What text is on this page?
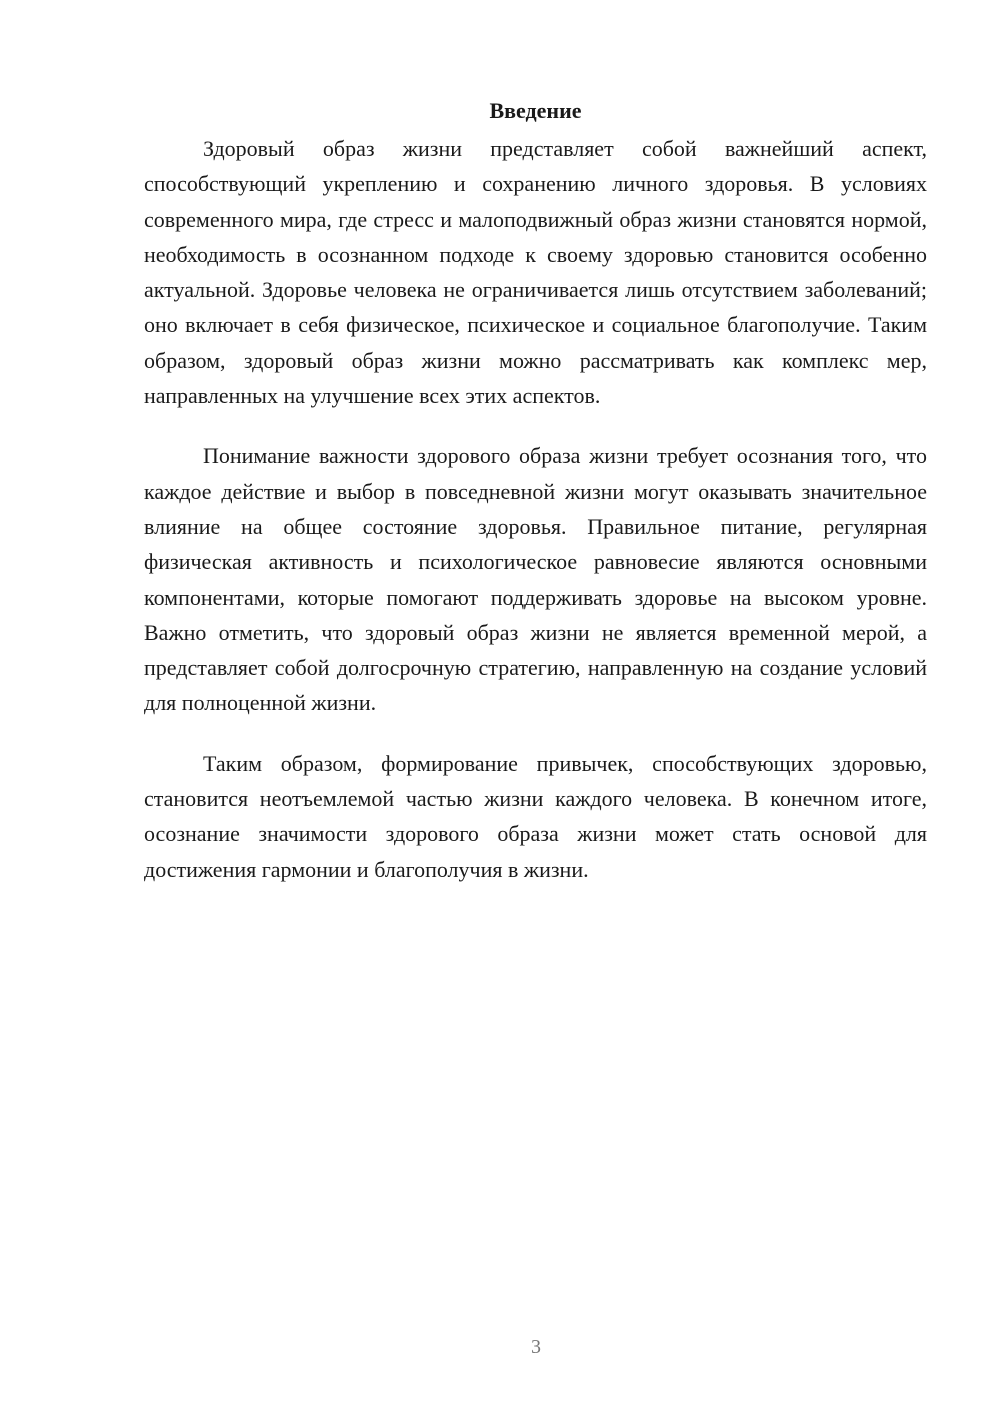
Введение

Здоровый образ жизни представляет собой важнейший аспект, способствующий укреплению и сохранению личного здоровья. В условиях современного мира, где стресс и малоподвижный образ жизни становятся нормой, необходимость в осознанном подходе к своему здоровью становится особенно актуальной. Здоровье человека не ограничивается лишь отсутствием заболеваний; оно включает в себя физическое, психическое и социальное благополучие. Таким образом, здоровый образ жизни можно рассматривать как комплекс мер, направленных на улучшение всех этих аспектов.

Понимание важности здорового образа жизни требует осознания того, что каждое действие и выбор в повседневной жизни могут оказывать значительное влияние на общее состояние здоровья. Правильное питание, регулярная физическая активность и психологическое равновесие являются основными компонентами, которые помогают поддерживать здоровье на высоком уровне. Важно отметить, что здоровый образ жизни не является временной мерой, а представляет собой долгосрочную стратегию, направленную на создание условий для полноценной жизни.

Таким образом, формирование привычек, способствующих здоровью, становится неотъемлемой частью жизни каждого человека. В конечном итоге, осознание значимости здорового образа жизни может стать основой для достижения гармонии и благополучия в жизни.

3
